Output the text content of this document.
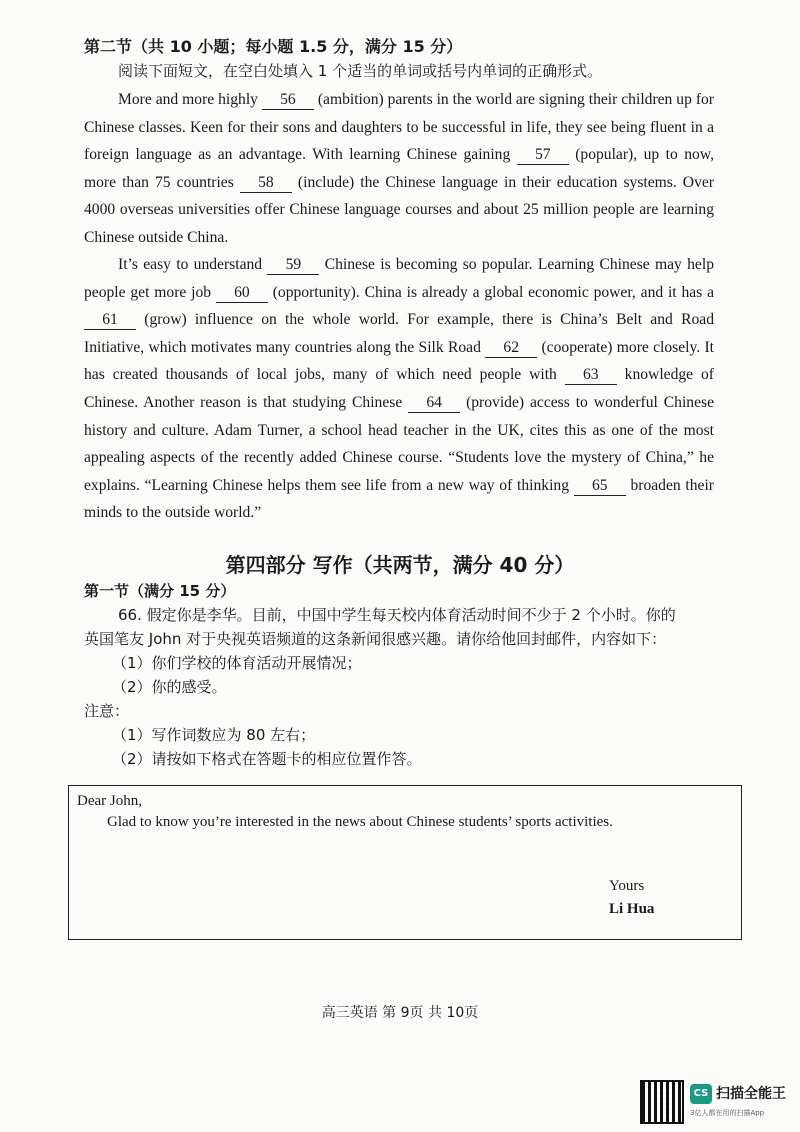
第二节（共 10 小题；每小题 1.5 分，满分 15 分）
阅读下面短文，在空白处填入 1 个适当的单词或括号内单词的正确形式。
More and more highly 56 (ambition) parents in the world are signing their children up for Chinese classes. Keen for their sons and daughters to be successful in life, they see being fluent in a foreign language as an advantage. With learning Chinese gaining 57 (popular), up to now, more than 75 countries 58 (include) the Chinese language in their education systems. Over 4000 overseas universities offer Chinese language courses and about 25 million people are learning Chinese outside China.
It’s easy to understand 59 Chinese is becoming so popular. Learning Chinese may help people get more job 60 (opportunity). China is already a global economic power, and it has a 61 (grow) influence on the whole world. For example, there is China’s Belt and Road Initiative, which motivates many countries along the Silk Road 62 (cooperate) more closely. It has created thousands of local jobs, many of which need people with 63 knowledge of Chinese. Another reason is that studying Chinese 64 (provide) access to wonderful Chinese history and culture. Adam Turner, a school head teacher in the UK, cites this as one of the most appealing aspects of the recently added Chinese course. “Students love the mystery of China,” he explains. “Learning Chinese helps them see life from a new way of thinking 65 broaden their minds to the outside world.”
第四部分 写作（共两节，满分 40 分）
第一节（满分 15 分）
66. 假定你是李华。目前，中国中学生每天校内体育活动时间不少于 2 个小时。你的
英国笔友 John 对于央视英语频道的这条新闻很感兴趣。请你给他回封邮件，内容如下：
（1）你们学校的体育活动开展情况；
（2）你的感受。
注意：
（1）写作词数应为 80 左右；
（2）请按如下格式在答题卡的相应位置作答。
Dear John,
Glad to know you’re interested in the news about Chinese students’ sports activities.
Yours
Li Hua
高三英语 第 9页 共 10页
CS 扫描全能王
3亿人都在用的扫描App
